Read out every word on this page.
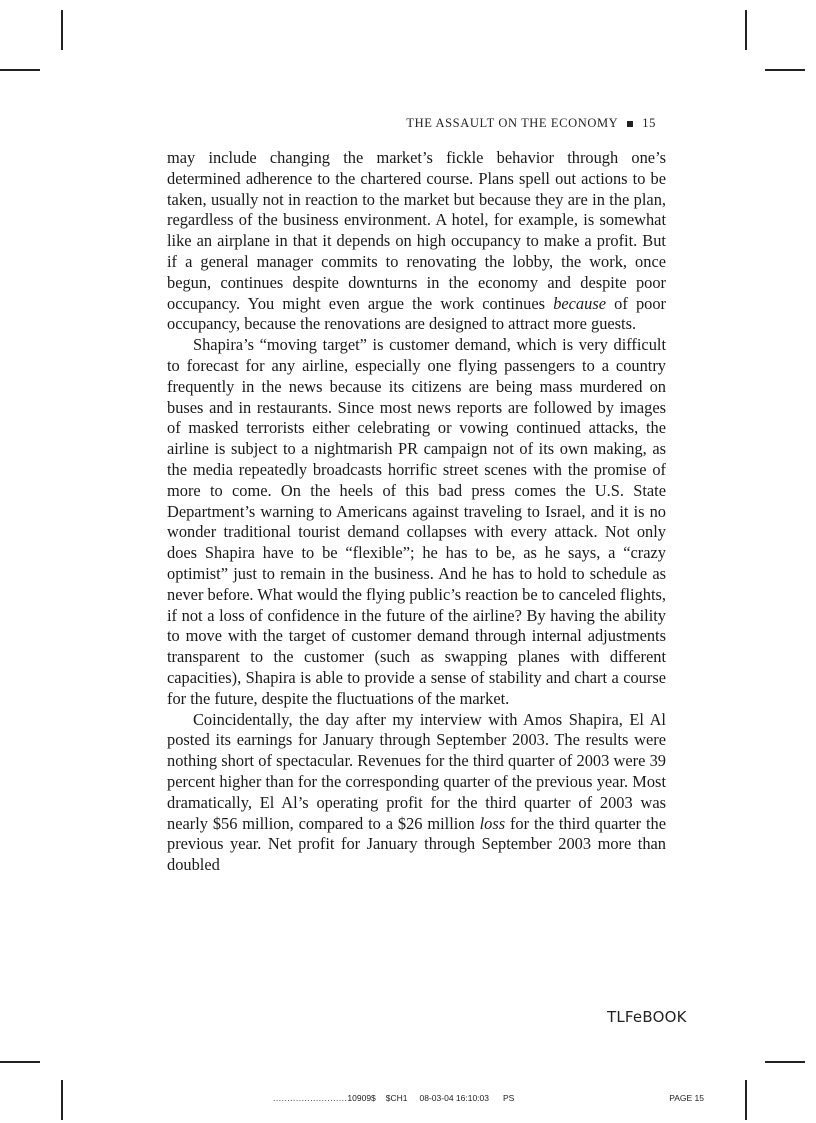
THE ASSAULT ON THE ECONOMY 15

may include changing the market’s fickle behavior through one’s determined adherence to the chartered course. Plans spell out actions to be taken, usually not in reaction to the market but because they are in the plan, regardless of the business environment. A hotel, for example, is somewhat like an airplane in that it depends on high occupancy to make a profit. But if a general manager commits to renovating the lobby, the work, once begun, continues despite downturns in the economy and despite poor occupancy. You might even argue the work continues because of poor occupancy, because the renovations are designed to attract more guests.

Shapira’s “moving target” is customer demand, which is very difficult to forecast for any airline, especially one flying passengers to a country frequently in the news because its citizens are being mass murdered on buses and in restaurants. Since most news reports are followed by images of masked terrorists either celebrating or vowing continued attacks, the airline is subject to a nightmarish PR campaign not of its own making, as the media repeatedly broadcasts horrific street scenes with the promise of more to come. On the heels of this bad press comes the U.S. State Department’s warning to Americans against traveling to Israel, and it is no wonder traditional tourist demand collapses with every attack. Not only does Shapira have to be “flexible”; he has to be, as he says, a “crazy optimist” just to remain in the business. And he has to hold to schedule as never before. What would the flying public’s reaction be to canceled flights, if not a loss of confidence in the future of the airline? By having the ability to move with the target of customer demand through internal adjustments transparent to the customer (such as swapping planes with different capacities), Shapira is able to provide a sense of stability and chart a course for the future, despite the fluctuations of the market.

Coincidentally, the day after my interview with Amos Shapira, El Al posted its earnings for January through September 2003. The results were nothing short of spectacular. Revenues for the third quarter of 2003 were 39 percent higher than for the corresponding quarter of the previous year. Most dramatically, El Al’s operating profit for the third quarter of 2003 was nearly $56 million, compared to a $26 million loss for the third quarter the previous year. Net profit for January through September 2003 more than doubled

TLFeBOOK
.......................... 10909$ $CH1 08-03-04 16:10:03 PS	PAGE 15
